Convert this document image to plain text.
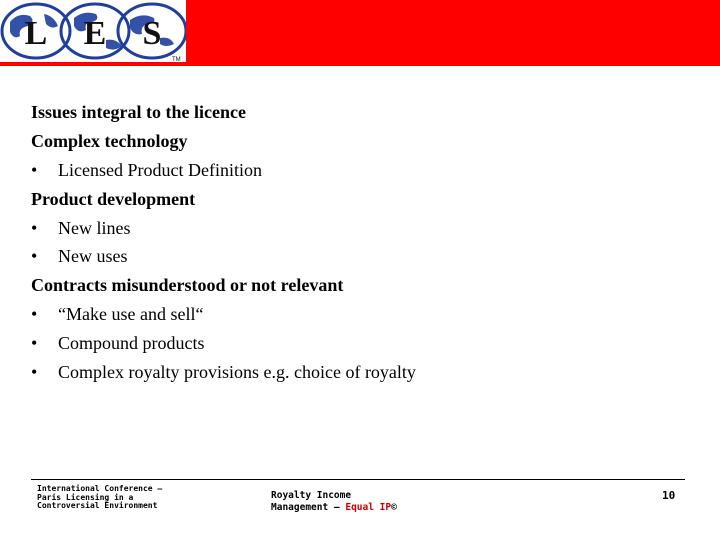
L E S
TM
Risk Assessment and audit
Issues integral to the licence
Complex technology
• Licensed Product Definition
Product development
• New lines
• New uses
Contracts misunderstood or not relevant
• “Make use and sell“
• Compound products
• Complex royalty provisions e.g. choice of royalty
International Conference – Paris Licensing in a Controversial Environment
Royalty Income
Management – Equal IP©
10
